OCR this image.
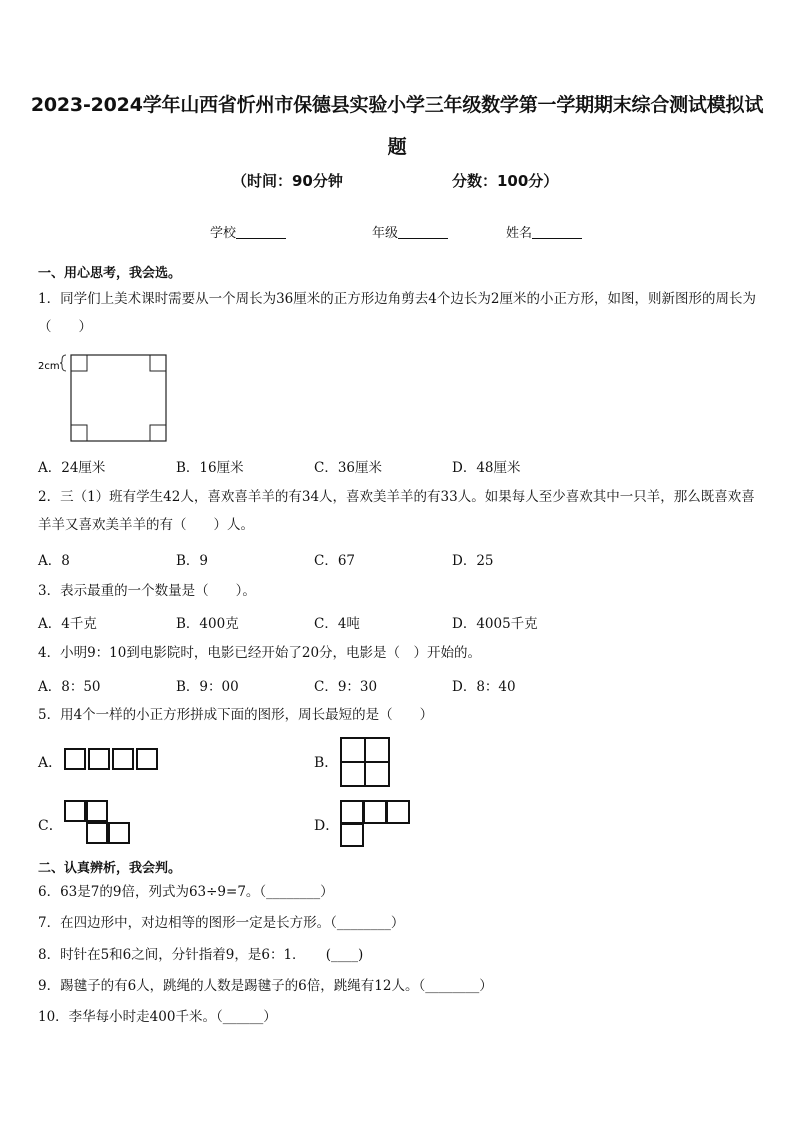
2023-2024学年山西省忻州市保德县实验小学三年级数学第一学期期末综合测试模拟试题
（时间：90分钟	分数：100分）
学校	年级	姓名
一、用心思考，我会选。
1．同学们上美术课时需要从一个周长为36厘米的正方形边角剪去4个边长为2厘米的小正方形，如图，则新图形的周长为（　　）
2cm
A．24厘米	B．16厘米	C．36厘米	D．48厘米
2．三（1）班有学生42人，喜欢喜羊羊的有34人，喜欢美羊羊的有33人。如果每人至少喜欢其中一只羊，那么既喜欢喜羊羊又喜欢美羊羊的有（　　）人。
A．8	B．9	C．67	D．25
3．表示最重的一个数量是（　　）。
A．4千克	B．400克	C．4吨	D．4005千克
4．小明9：10到电影院时，电影已经开始了20分，电影是（　）开始的。
A．8：50	B．9：00	C．9：30	D．8：40
5．用4个一样的小正方形拼成下面的图形，周长最短的是（　　）
A．	B．
C．	D．
二、认真辨析，我会判。
6．63是7的9倍，列式为63÷9=7。（________）
7．在四边形中，对边相等的图形一定是长方形。（________）
8．时针在5和6之间，分针指着9，是6：1．　　(____)
9．踢毽子的有6人，跳绳的人数是踢毽子的6倍，跳绳有12人。（________）
10．李华每小时走400千米。（______）
